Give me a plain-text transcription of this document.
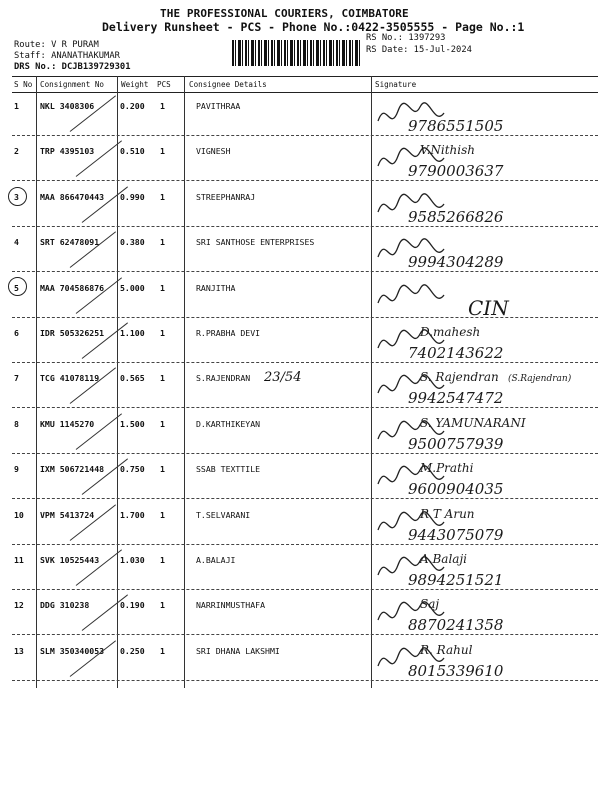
THE PROFESSIONAL COURIERS, COIMBATORE
Delivery Runsheet - PCS - Phone No.:0422-3505555 - Page No.:1
Route: V R PURAM
Staff: ANANATHAKUMAR
DRS No.: DCJB139729301
RS No.: 1397293
RS Date: 15-Jul-2024
S No Consignment No Weight PCS Consignee Details	Signature
1	NKL 3408306	0.200 1	PAVITHRAA
9786551505
2	TRP 4395103	0.510 1	VIGNESH	V.Nithish
9790003637
3	MAA 866470443 0.990 1	STREEPHANRAJ
9585266826
4	SRT 62478091	0.380 1	SRI SANTHOSE ENTERPRISES
9994304289
5	MAA 704586876 5.000 1	RANJITHA
CIN
6	IDR 505326251 1.100 1	R.PRABHA DEVI	D.mahesh
7402143622
7	TCG 41078119	0.565 1	S.RAJENDRAN	S. Rajendran
9942547472
(S.Rajendran)
8	KMU 1145270	1.500 1	D.KARTHIKEYAN	S. YAMUNARANI
9500757939
9	IXM 506721448 0.750 1	SSAB TEXTTILE	M.Prathi
9600904035
10 VPM 5413724	1.700 1	T.SELVARANI	R T Arun
9443075079
11 SVK 10525443	1.030 1	A.BALAJI	A.Balaji
9894251521
12 DDG 310238	0.190 1	NARRINMUSTHAFA	Saj
8870241358
13 SLM 350340053 0.250 1	SRI DHANA LAKSHMI	R. Rahul
8015339610
23/54
